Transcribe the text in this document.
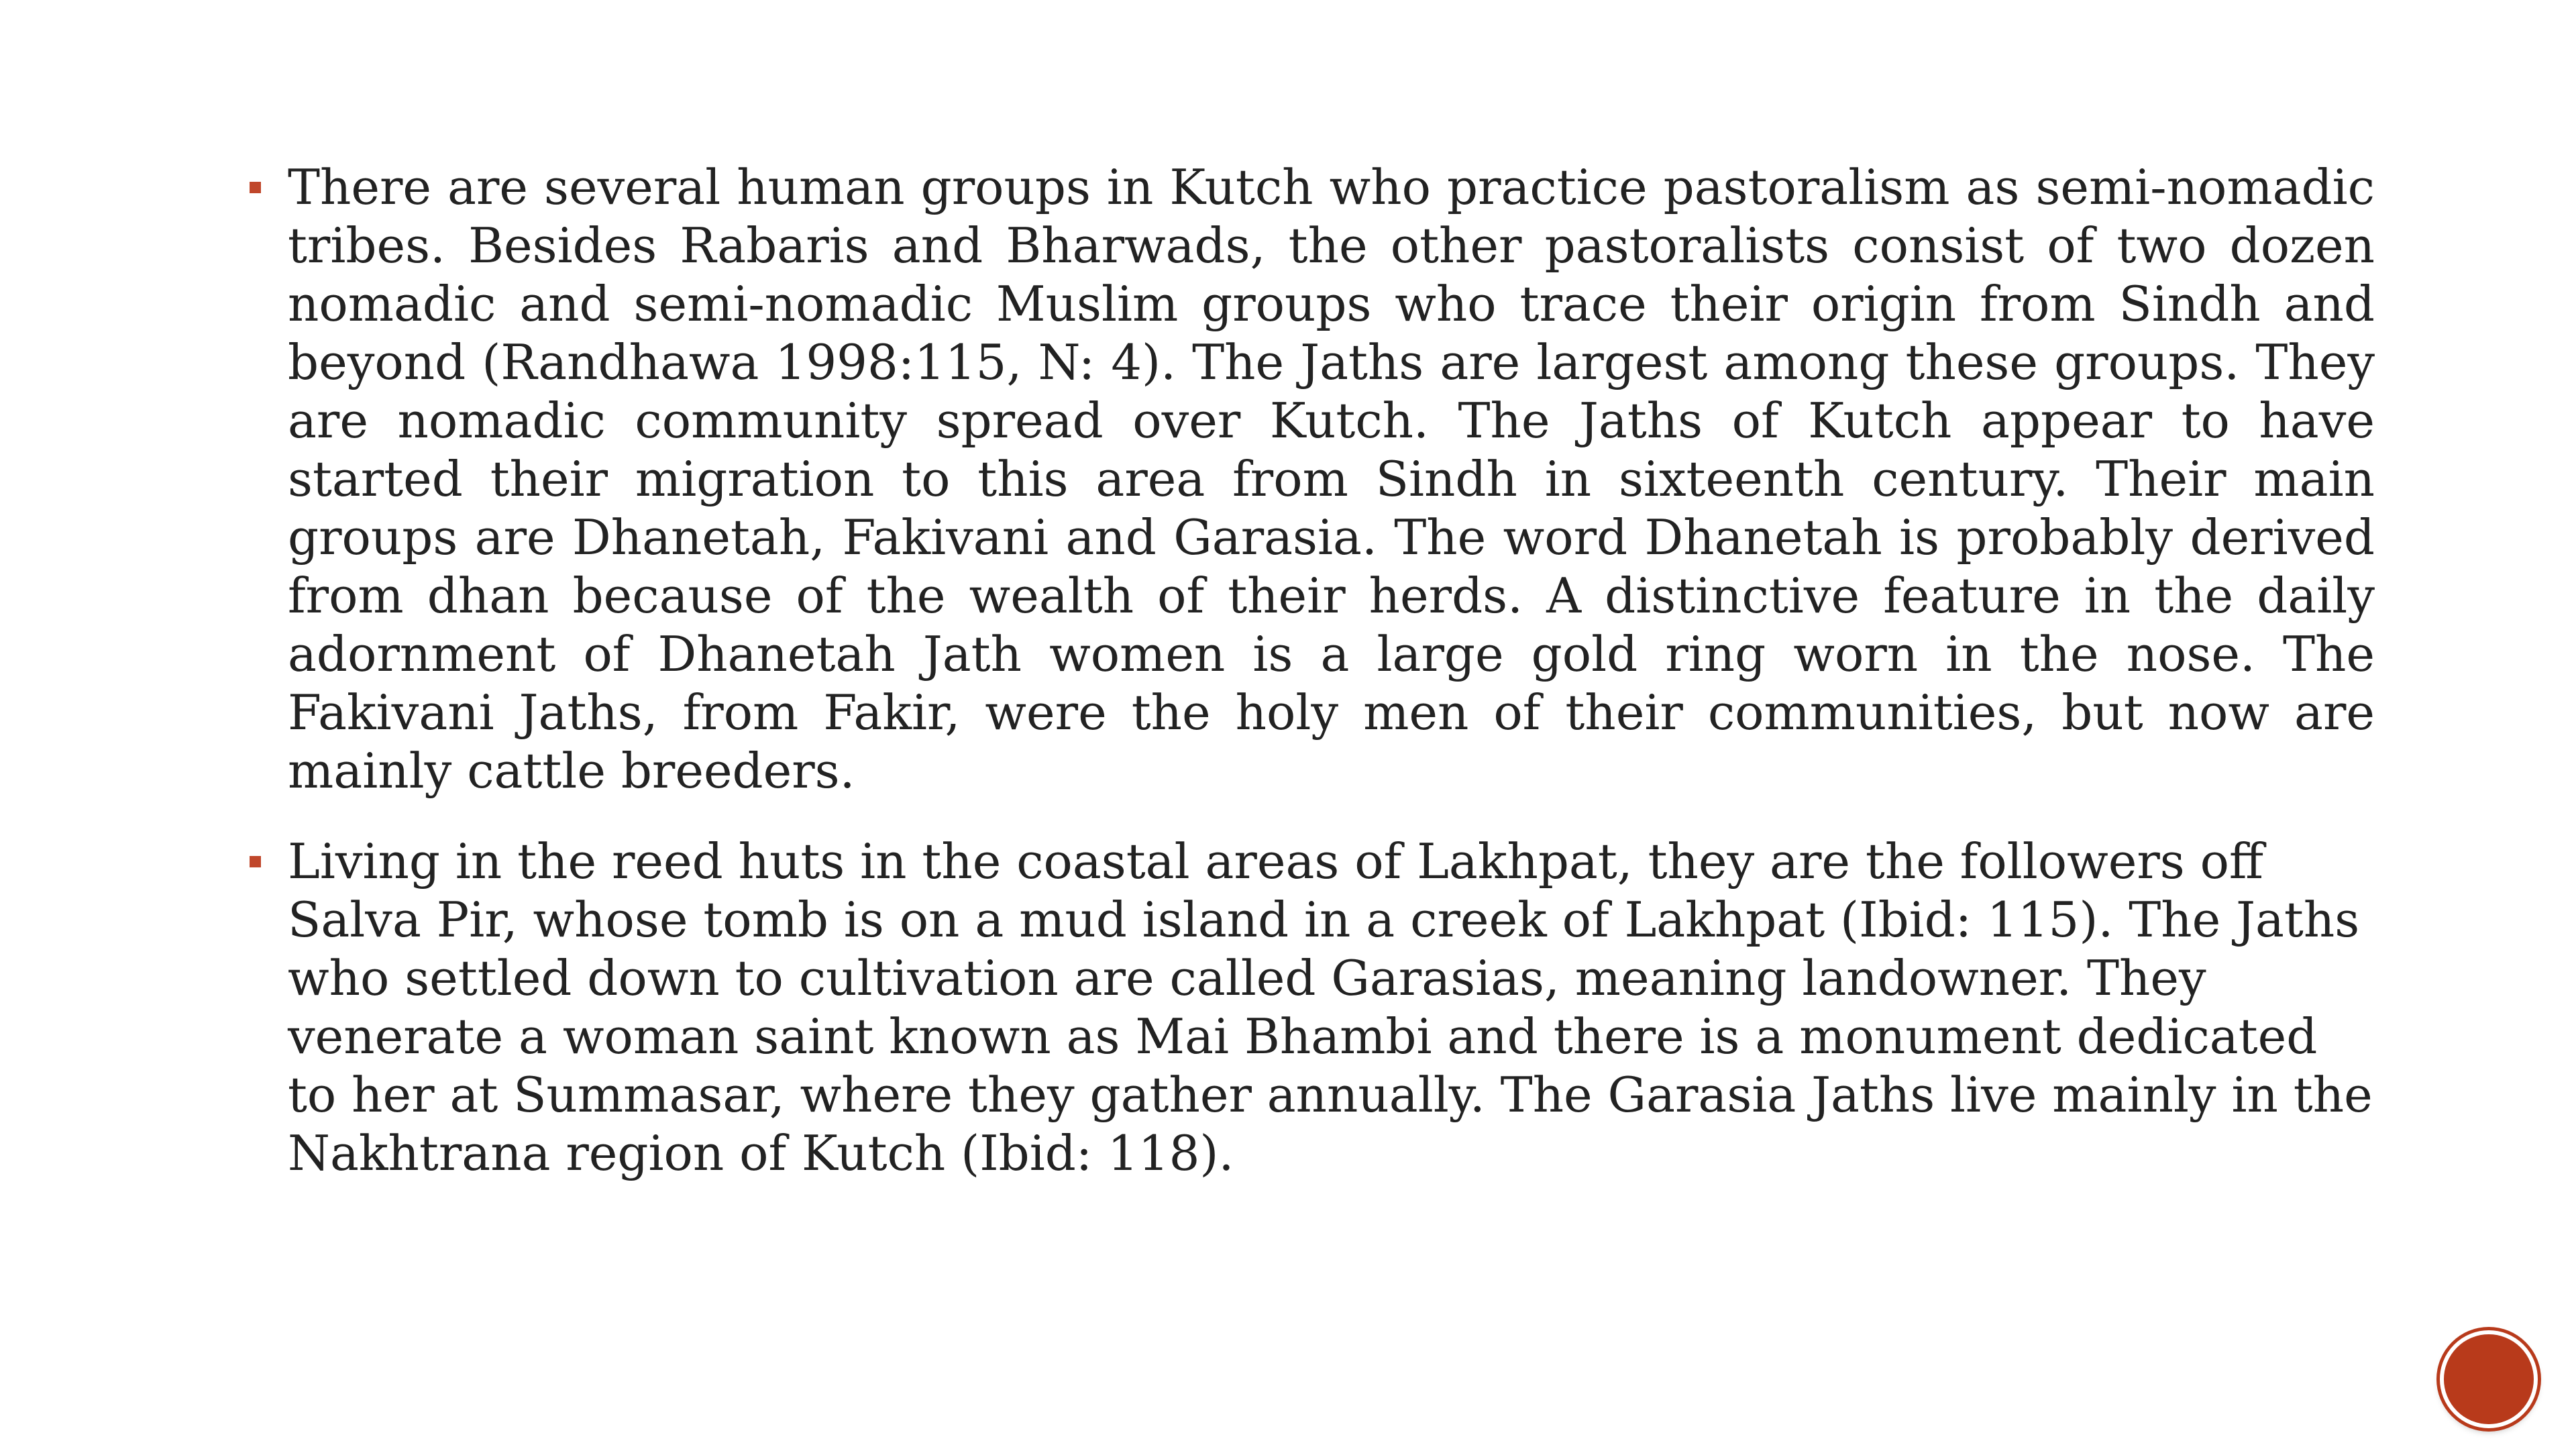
There are several human groups in Kutch who practice pastoralism as semi-nomadic tribes. Besides Rabaris and Bharwads, the other pastoralists consist of two dozen nomadic and semi-nomadic Muslim groups who trace their origin from Sindh and beyond (Randhawa 1998:115, N: 4). The Jaths are largest among these groups. They are nomadic community spread over Kutch. The Jaths of Kutch appear to have started their migration to this area from Sindh in sixteenth century. Their main groups are Dhanetah, Fakivani and Garasia. The word Dhanetah is probably derived from dhan because of the wealth of their herds. A distinctive feature in the daily adornment of Dhanetah Jath women is a large gold ring worn in the nose. The Fakivani Jaths, from Fakir, were the holy men of their communities, but now are mainly cattle breeders.
Living in the reed huts in the coastal areas of Lakhpat, they are the followers off Salva Pir, whose tomb is on a mud island in a creek of Lakhpat (Ibid: 115). The Jaths who settled down to cultivation are called Garasias, meaning landowner. They venerate a woman saint known as Mai Bhambi and there is a monument dedicated to her at Summasar, where they gather annually. The Garasia Jaths live mainly in the Nakhtrana region of Kutch (Ibid: 118).
